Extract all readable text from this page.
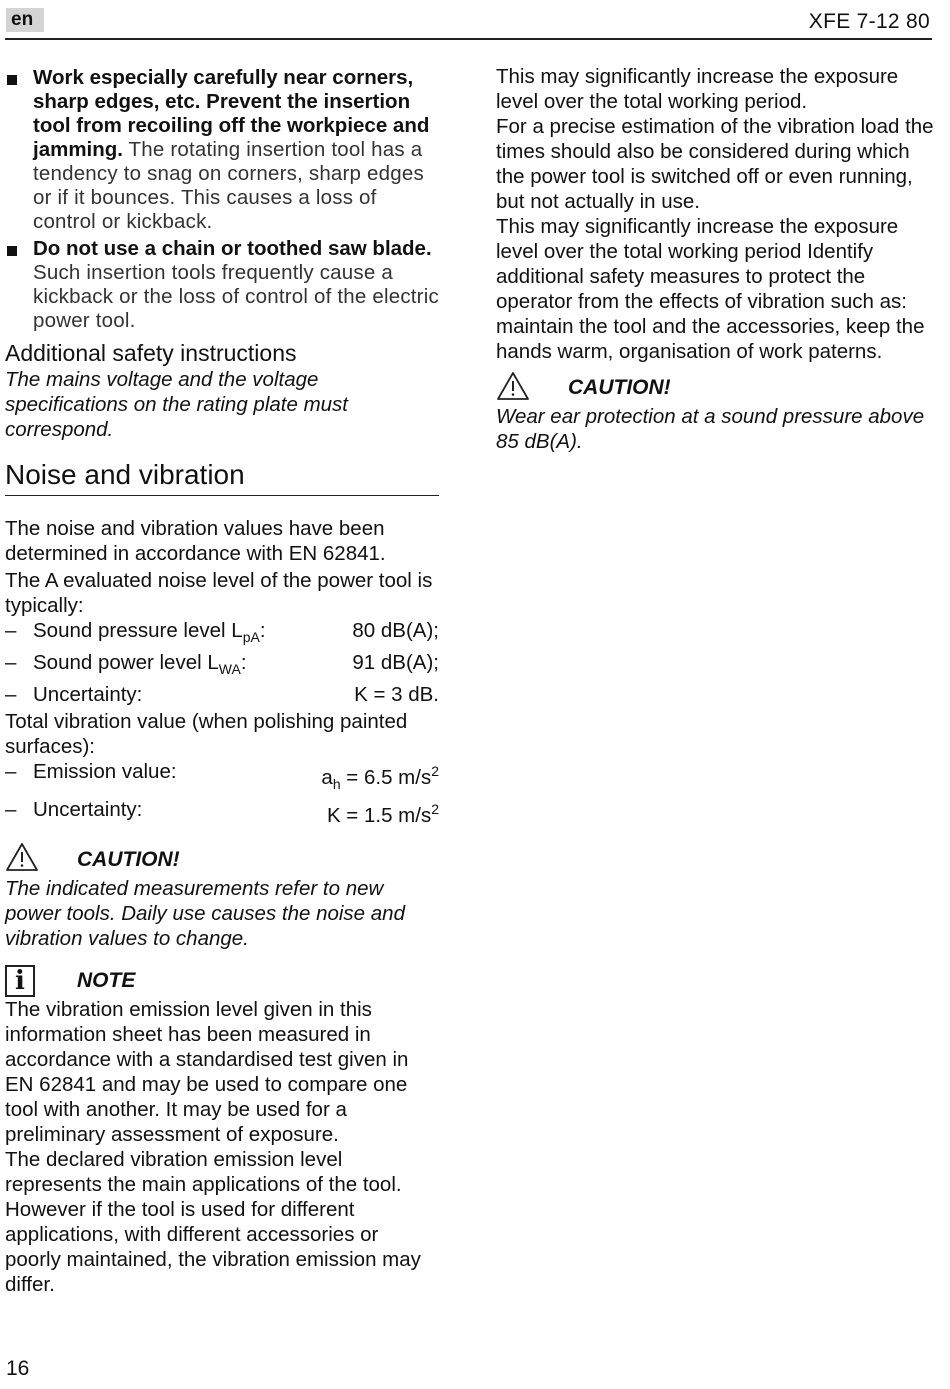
en	XFE 7-12 80
Work especially carefully near corners, sharp edges, etc. Prevent the insertion tool from recoiling off the workpiece and jamming. The rotating insertion tool has a tendency to snag on corners, sharp edges or if it bounces. This causes a loss of control or kickback.
Do not use a chain or toothed saw blade. Such insertion tools frequently cause a kickback or the loss of control of the electric power tool.
Additional safety instructions
The mains voltage and the voltage specifications on the rating plate must correspond.
Noise and vibration
The noise and vibration values have been determined in accordance with EN 62841.
The A evaluated noise level of the power tool is typically:
– Sound pressure level $L_{pA}$:	80 dB(A);
– Sound power level $L_{WA}$:	91 dB(A);
– Uncertainty:	K = 3 dB.
Total vibration value (when polishing painted surfaces):
– Emission value:	$a_h = 6.5$ $m/s^2$
– Uncertainty:	K = 1.5 $m/s^2$
CAUTION!
The indicated measurements refer to new power tools. Daily use causes the noise and vibration values to change.
i	NOTE
The vibration emission level given in this information sheet has been measured in accordance with a standardised test given in EN 62841 and may be used to compare one tool with another. It may be used for a preliminary assessment of exposure.
The declared vibration emission level represents the main applications of the tool. However if the tool is used for different applications, with different accessories or poorly maintained, the vibration emission may differ.
This may significantly increase the exposure level over the total working period.
For a precise estimation of the vibration load the times should also be considered during which the power tool is switched off or even running, but not actually in use.
This may significantly increase the exposure level over the total working period Identify additional safety measures to protect the operator from the effects of vibration such as: maintain the tool and the accessories, keep the hands warm, organisation of work paterns.
CAUTION!
Wear ear protection at a sound pressure above 85 dB(A).
16
